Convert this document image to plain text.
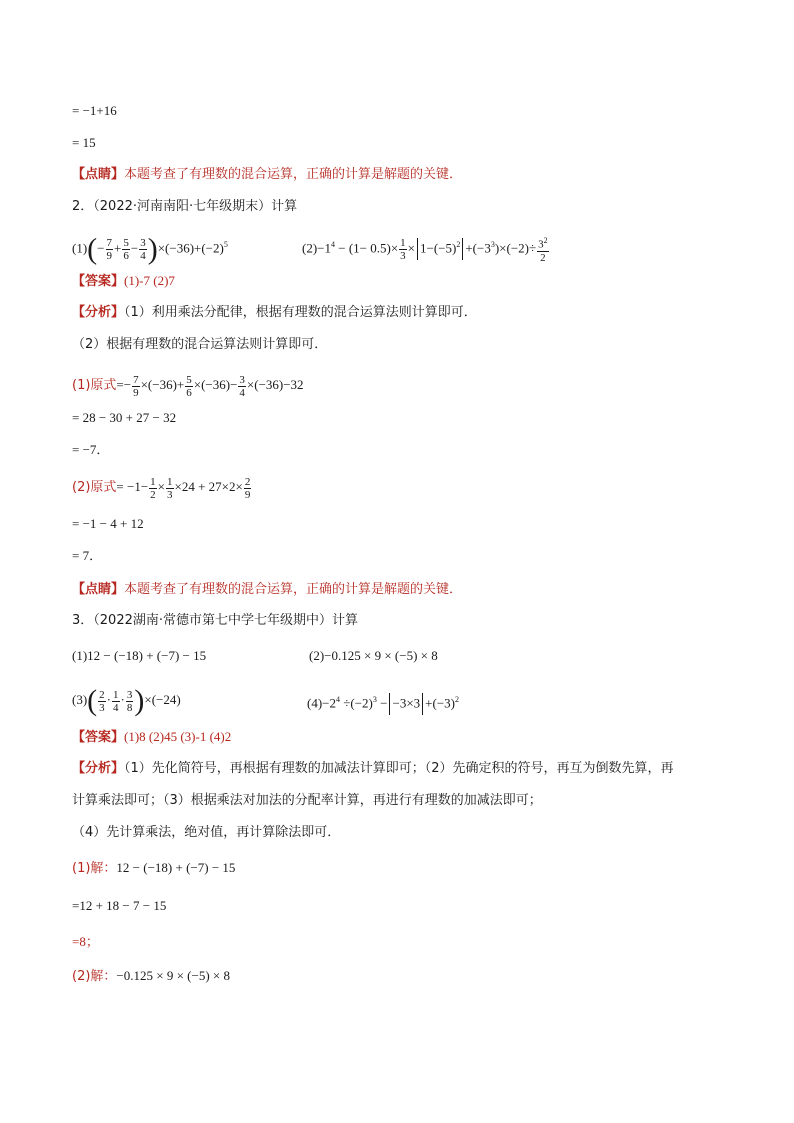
= −1+16
= 15
【点睛】本题考查了有理数的混合运算，正确的计算是解题的关键．
2．（2022·河南南阳·七年级期末）计算
$(1)(- \frac{7}{9} + \frac{5}{6} - \frac{3}{4} )\times(-36)+(-2)^5$	$(2)-1^4 - (1- 0.5)\times \frac{1}{3} \times 1-(-5)^2 +(-3^3)\times(-2)\div \frac{3^2}{2}$
【答案】(1)-7 (2)7
【分析】（1）利用乘法分配律，根据有理数的混合运算法则计算即可．
（2）根据有理数的混合运算法则计算即可．
(1)原式=− $\frac{7}{9} \times(-36)+ \frac{5}{6} \times(-36)- \frac{3}{4} \times(-36)-32$
= 28 − 30 + 27 − 32
= −7．
(2)原式= $-1- \frac{1}{2} \times \frac{1}{3} \times 24 + 27\times 2\times \frac{2}{9}$
= −1 − 4 + 12
= 7．
【点睛】本题考查了有理数的混合运算，正确的计算是解题的关键．
3．（2022湖南·常德市第七中学七年级期中）计算
(1)12 − (−18) + (−7) − 15	(2)−0.125 × 9 × (−5) × 8
$(3)( \frac{2}{3} \cdot \frac{1}{4} \cdot \frac{3}{8} )\times(-24)$	$(4)-2^4 \div(-2)^3 - -3\times 3 +(-3)^2$
【答案】(1)8 (2)45 (3)-1 (4)2
【分析】（1）先化简符号，再根据有理数的加减法计算即可；（2）先确定积的符号，再互为倒数先算，再
计算乘法即可；（3）根据乘法对加法的分配率计算，再进行有理数的加减法即可；
（4）先计算乘法，绝对值，再计算除法即可．
(1)解：12 − (−18) + (−7) − 15
=12 + 18 − 7 − 15
=8；
(2)解：−0.125 × 9 × (−5) × 8
